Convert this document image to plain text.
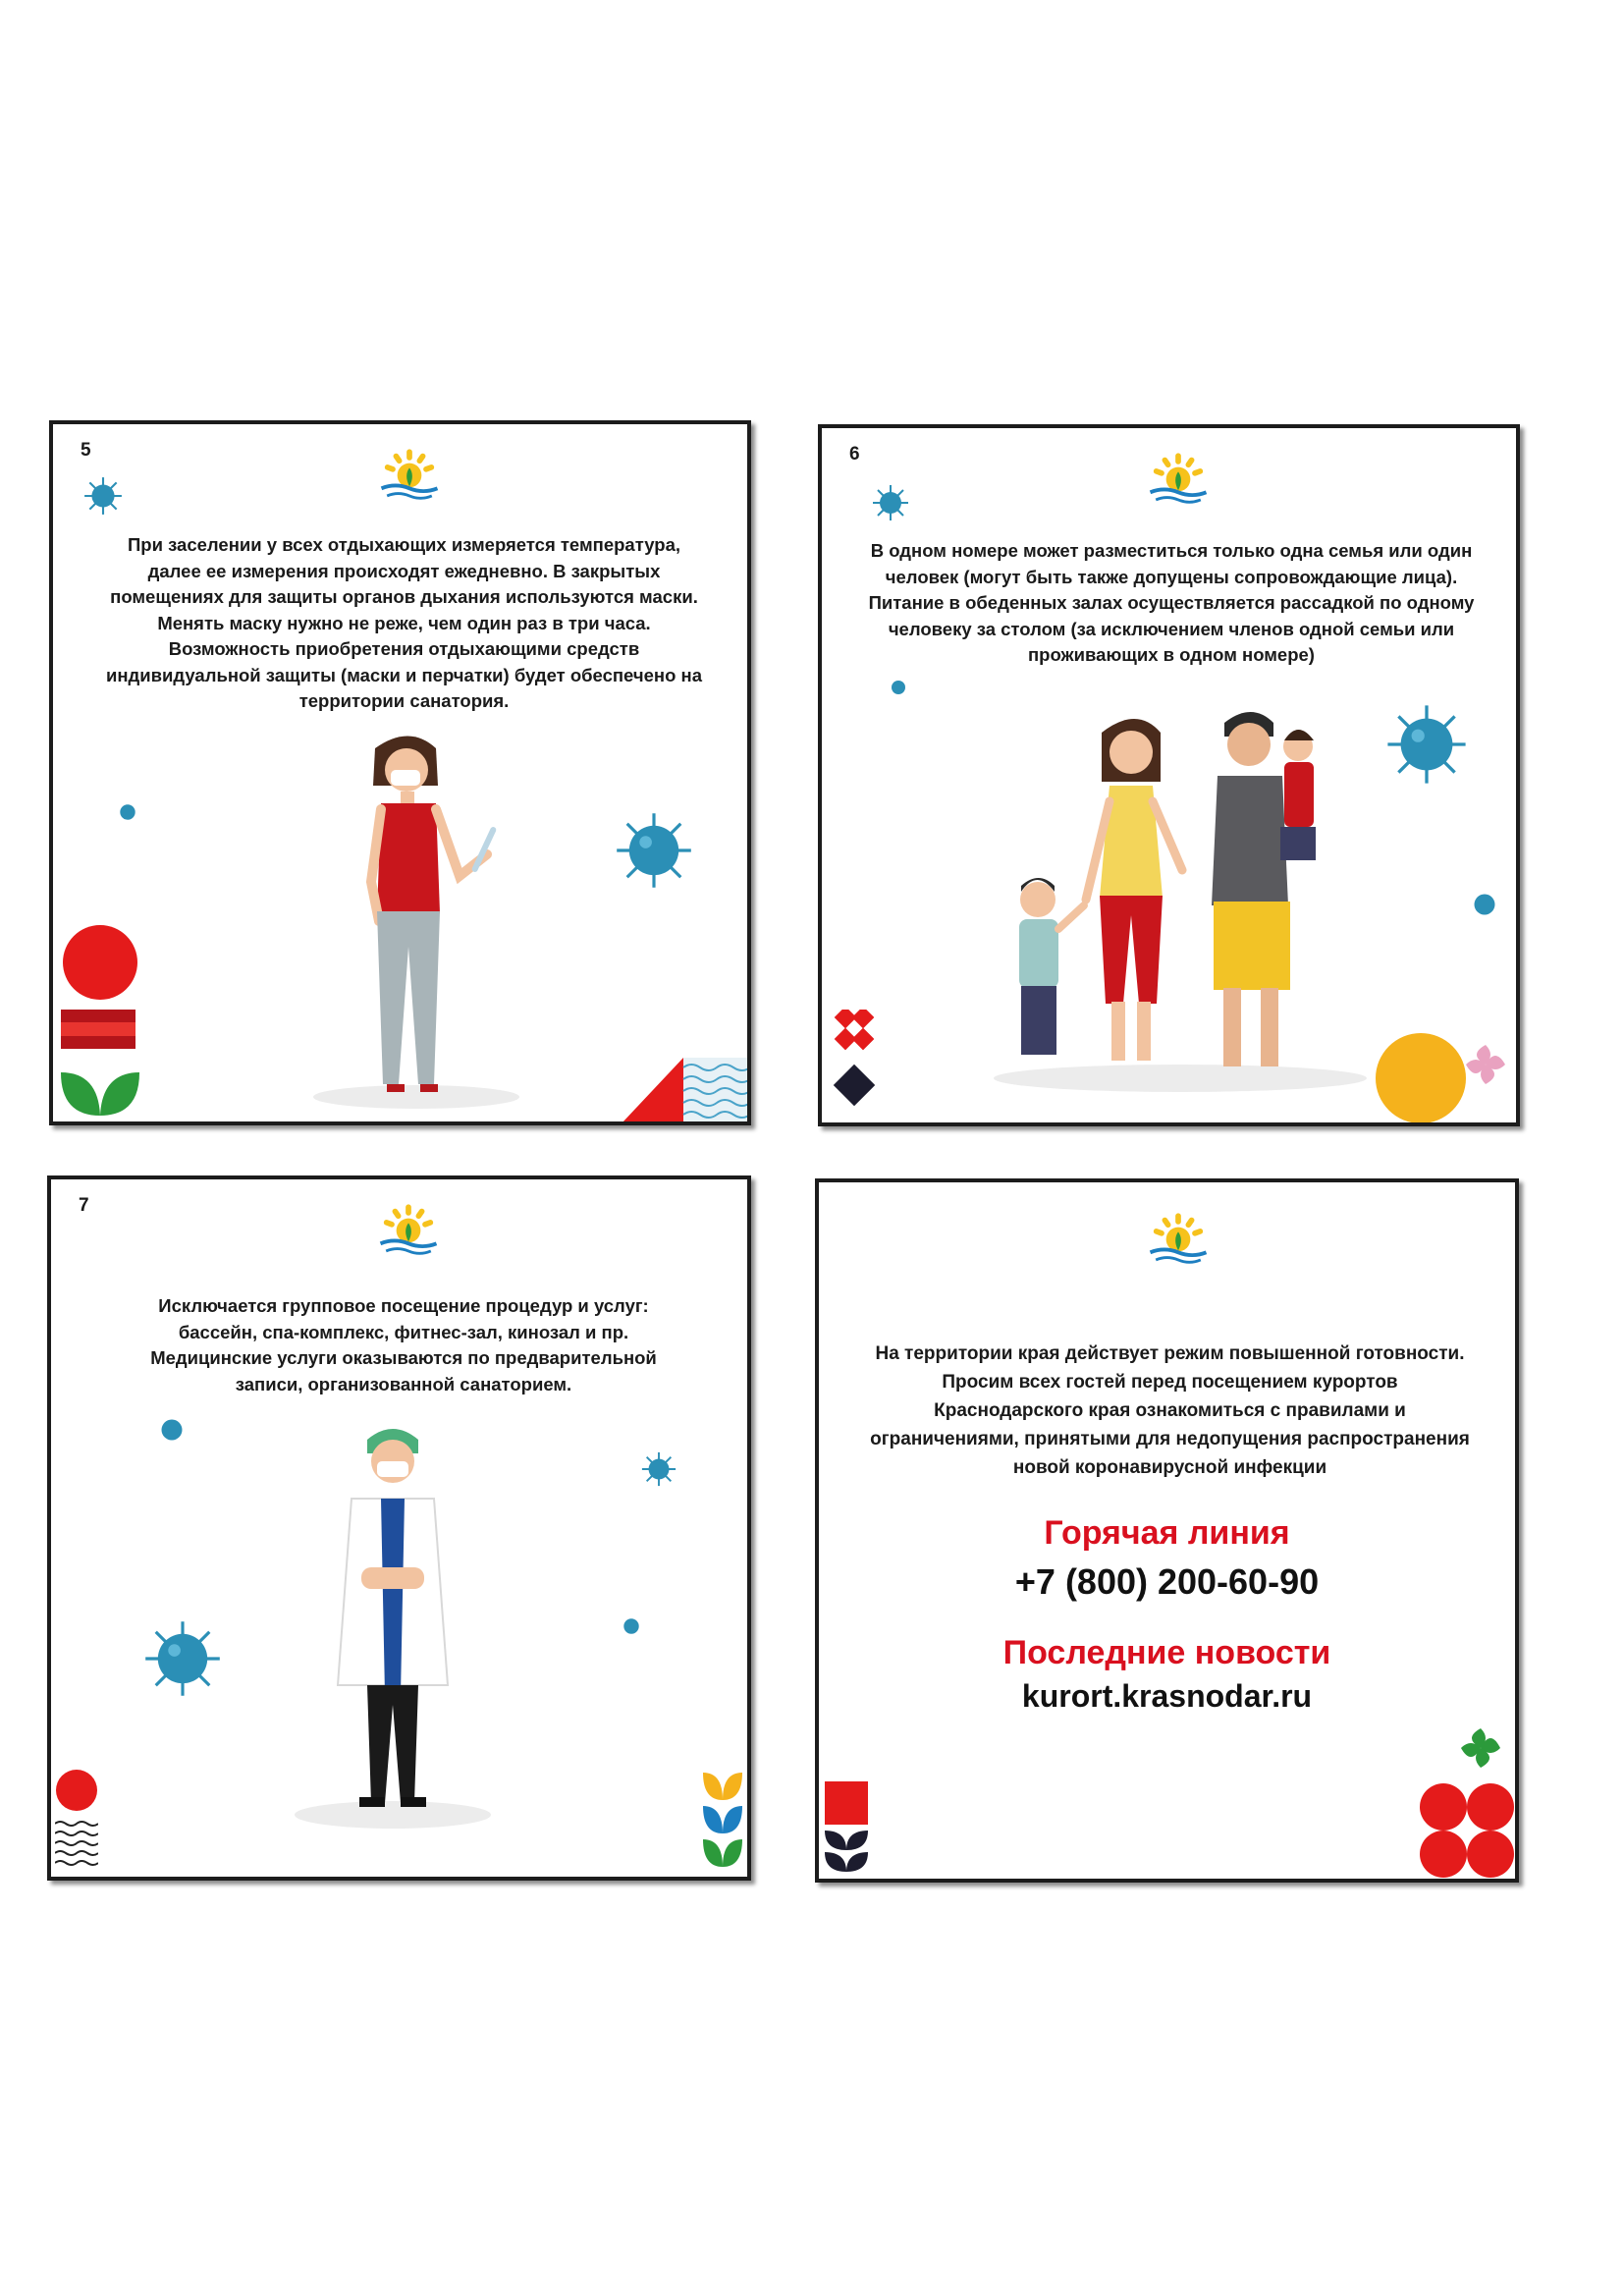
5
При заселении у всех отдыхающих измеряется температура, далее ее измерения происходят ежедневно. В закрытых помещениях для защиты органов дыхания используются маски. Менять маску нужно не реже, чем один раз в три часа. Возможность приобретения отдыхающими средств индивидуальной защиты (маски и перчатки) будет обеспечено на территории санатория.
6
В одном номере может разместиться только одна семья или один человек (могут быть также допущены сопровождающие лица). Питание в обеденных залах осуществляется рассадкой по одному человеку за столом (за исключением членов одной семьи или проживающих в одном номере)
7
Исключается групповое посещение процедур и услуг: бассейн, спа-комплекс, фитнес-зал, кинозал и пр. Медицинские услуги оказываются по предварительной записи, организованной санаторием.
На территории края действует режим повышенной готовности. Просим всех гостей перед посещением курортов Краснодарского края ознакомиться с правилами и ограничениями, принятыми для недопущения распространения новой коронавирусной инфекции
Горячая линия
+7 (800) 200-60-90
Последние новости
kurort.krasnodar.ru
